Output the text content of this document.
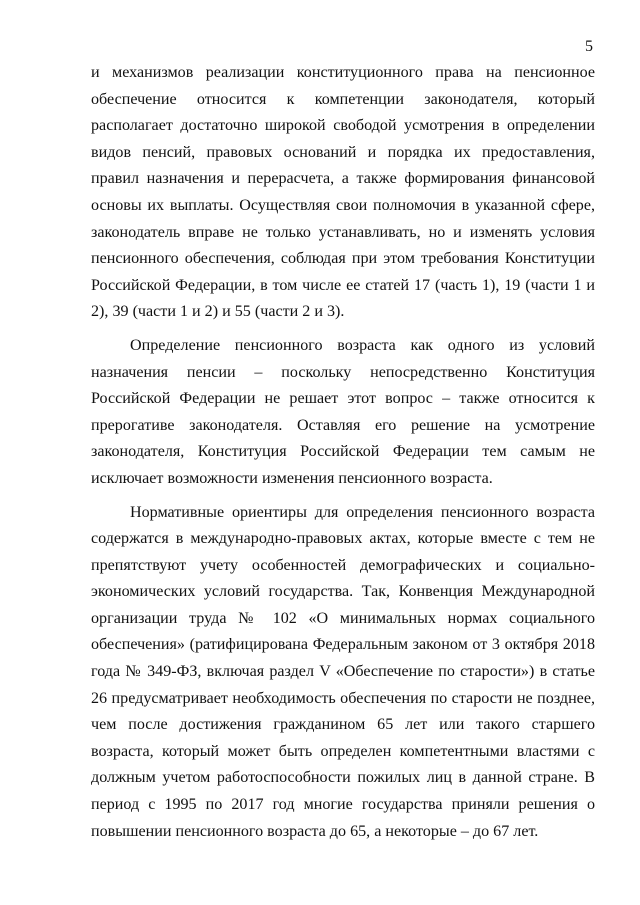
5

и механизмов реализации конституционного права на пенсионное обеспечение относится к компетенции законодателя, который располагает достаточно широкой свободой усмотрения в определении видов пенсий, правовых оснований и порядка их предоставления, правил назначения и перерасчета, а также формирования финансовой основы их выплаты. Осуществляя свои полномочия в указанной сфере, законодатель вправе не только устанавливать, но и изменять условия пенсионного обеспечения, соблюдая при этом требования Конституции Российской Федерации, в том числе ее статей 17 (часть 1), 19 (части 1 и 2), 39 (части 1 и 2) и 55 (части 2 и 3).

Определение пенсионного возраста как одного из условий назначения пенсии – поскольку непосредственно Конституция Российской Федерации не решает этот вопрос – также относится к прерогативе законодателя. Оставляя его решение на усмотрение законодателя, Конституция Российской Федерации тем самым не исключает возможности изменения пенсионного возраста.

Нормативные ориентиры для определения пенсионного возраста содержатся в международно-правовых актах, которые вместе с тем не препятствуют учету особенностей демографических и социально-экономических условий государства. Так, Конвенция Международной организации труда № 102 «О минимальных нормах социального обеспечения» (ратифицирована Федеральным законом от 3 октября 2018 года № 349-ФЗ, включая раздел V «Обеспечение по старости») в статье 26 предусматривает необходимость обеспечения по старости не позднее, чем после достижения гражданином 65 лет или такого старшего возраста, который может быть определен компетентными властями с должным учетом работоспособности пожилых лиц в данной стране. В период с 1995 по 2017 год многие государства приняли решения о повышении пенсионного возраста до 65, а некоторые – до 67 лет.
